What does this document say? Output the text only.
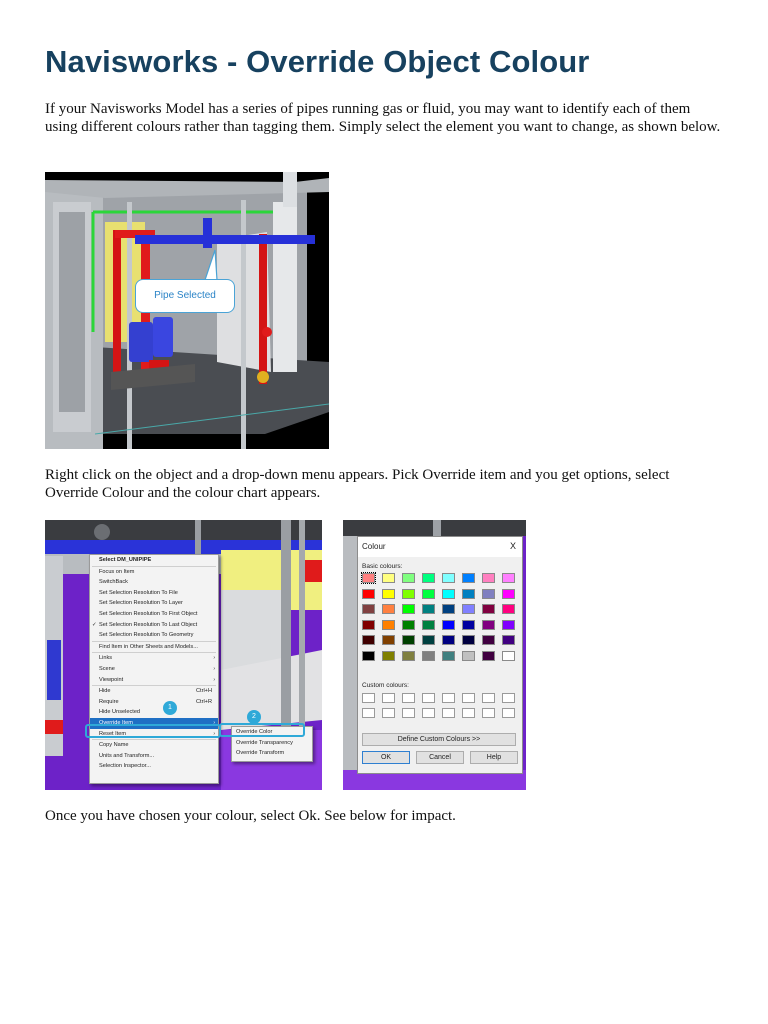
Navisworks - Override Object Colour

If your Navisworks Model has a series of pipes running gas or fluid, you may want to identify each of them using different colours rather than tagging them. Simply select the element you want to change, as shown below.

Pipe Selected

Right click on the object and a drop-down menu appears. Pick Override item and you get options, select Override Colour and the colour chart appears.

Select DM_UNIPIPE
Focus on Item
SwitchBack
Set Selection Resolution To File
Set Selection Resolution To Layer
Set Selection Resolution To First Object
✓ Set Selection Resolution To Last Object
Set Selection Resolution To Geometry
Find Item in Other Sheets and Models...
Links	›
Scene	›
Viewpoint	›
Hide	Ctrl+H
Require	Ctrl+R
Hide Unselected
Override Item	›
Reset Item	›
Copy Name
Units and Transform...
Selection Inspector...
Override Color
Override Transparency
Override Transform
1
2
Colour	X
Basic colours:
Custom colours:
Define Custom Colours >>
OK	Cancel	Help

Once you have chosen your colour, select Ok. See below for impact.
